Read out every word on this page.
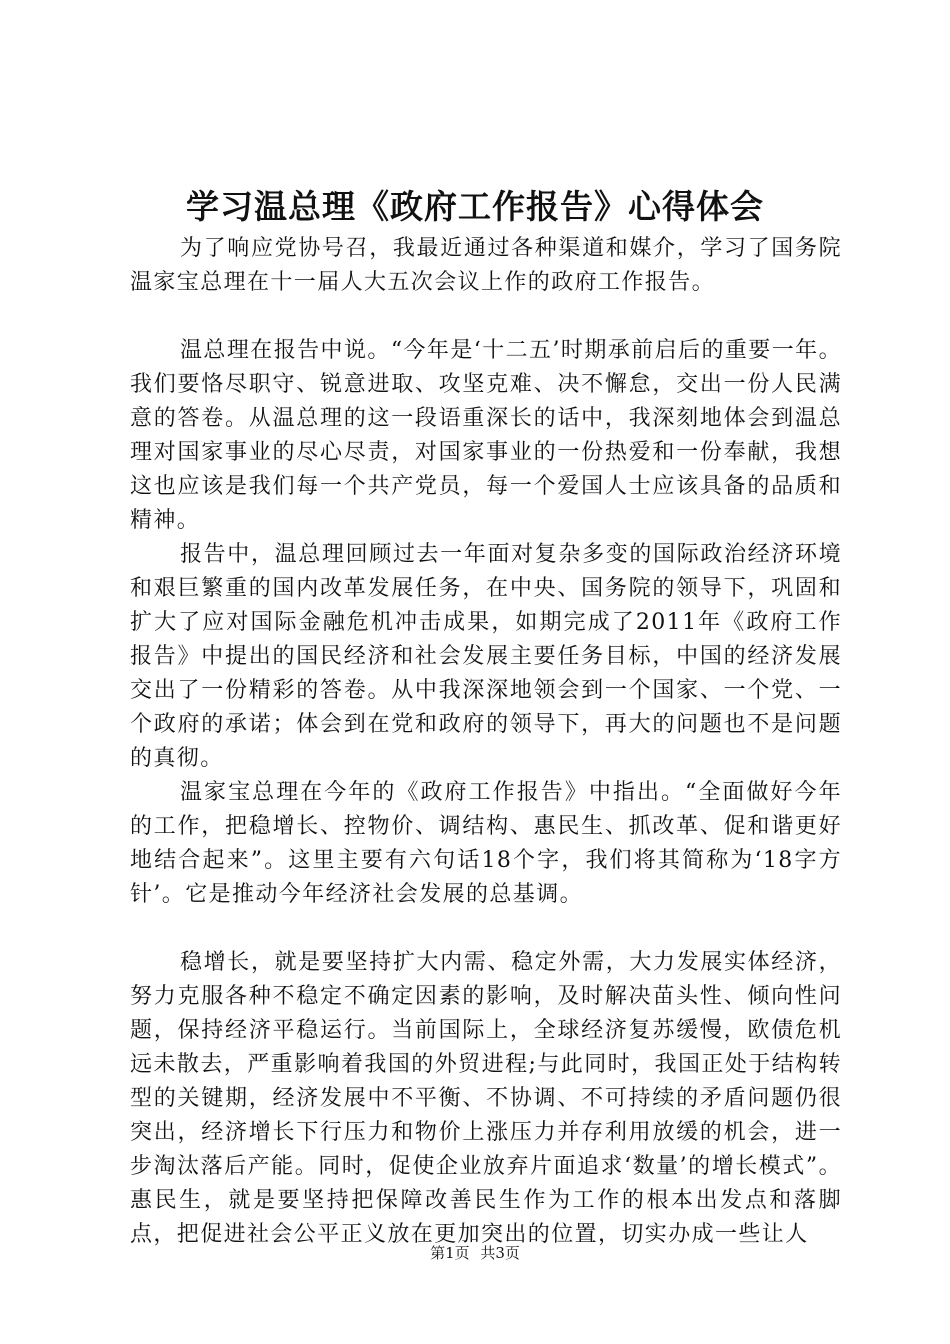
学习温总理《政府工作报告》心得体会

为了响应党协号召，我最近通过各种渠道和媒介，学习了国务院温家宝总理在十一届人大五次会议上作的政府工作报告。

温总理在报告中说。“今年是‘十二五’时期承前启后的重要一年。我们要恪尽职守、锐意进取、攻坚克难、决不懈怠，交出一份人民满意的答卷。从温总理的这一段语重深长的话中，我深刻地体会到温总理对国家事业的尽心尽责，对国家事业的一份热爱和一份奉献，我想这也应该是我们每一个共产党员，每一个爱国人士应该具备的品质和精神。

报告中，温总理回顾过去一年面对复杂多变的国际政治经济环境和艰巨繁重的国内改革发展任务，在中央、国务院的领导下，巩固和扩大了应对国际金融危机冲击成果，如期完成了2011年《政府工作报告》中提出的国民经济和社会发展主要任务目标，中国的经济发展交出了一份精彩的答卷。从中我深深地领会到一个国家、一个党、一个政府的承诺；体会到在党和政府的领导下，再大的问题也不是问题的真彻。

温家宝总理在今年的《政府工作报告》中指出。“全面做好今年的工作，把稳增长、控物价、调结构、惠民生、抓改革、促和谐更好地结合起来”。这里主要有六句话18个字，我们将其简称为‘18字方针’。它是推动今年经济社会发展的总基调。

稳增长，就是要坚持扩大内需、稳定外需，大力发展实体经济，努力克服各种不稳定不确定因素的影响，及时解决苗头性、倾向性问题，保持经济平稳运行。当前国际上，全球经济复苏缓慢，欧债危机远未散去，严重影响着我国的外贸进程;与此同时，我国正处于结构转型的关键期，经济发展中不平衡、不协调、不可持续的矛盾问题仍很突出，经济增长下行压力和物价上涨压力并存利用放缓的机会，进一步淘汰落后产能。同时，促使企业放弃片面追求‘数量’的增长模式”。惠民生，就是要坚持把保障改善民生作为工作的根本出发点和落脚点，把促进社会公平正义放在更加突出的位置，切实办成一些让人

第1页 共3页
